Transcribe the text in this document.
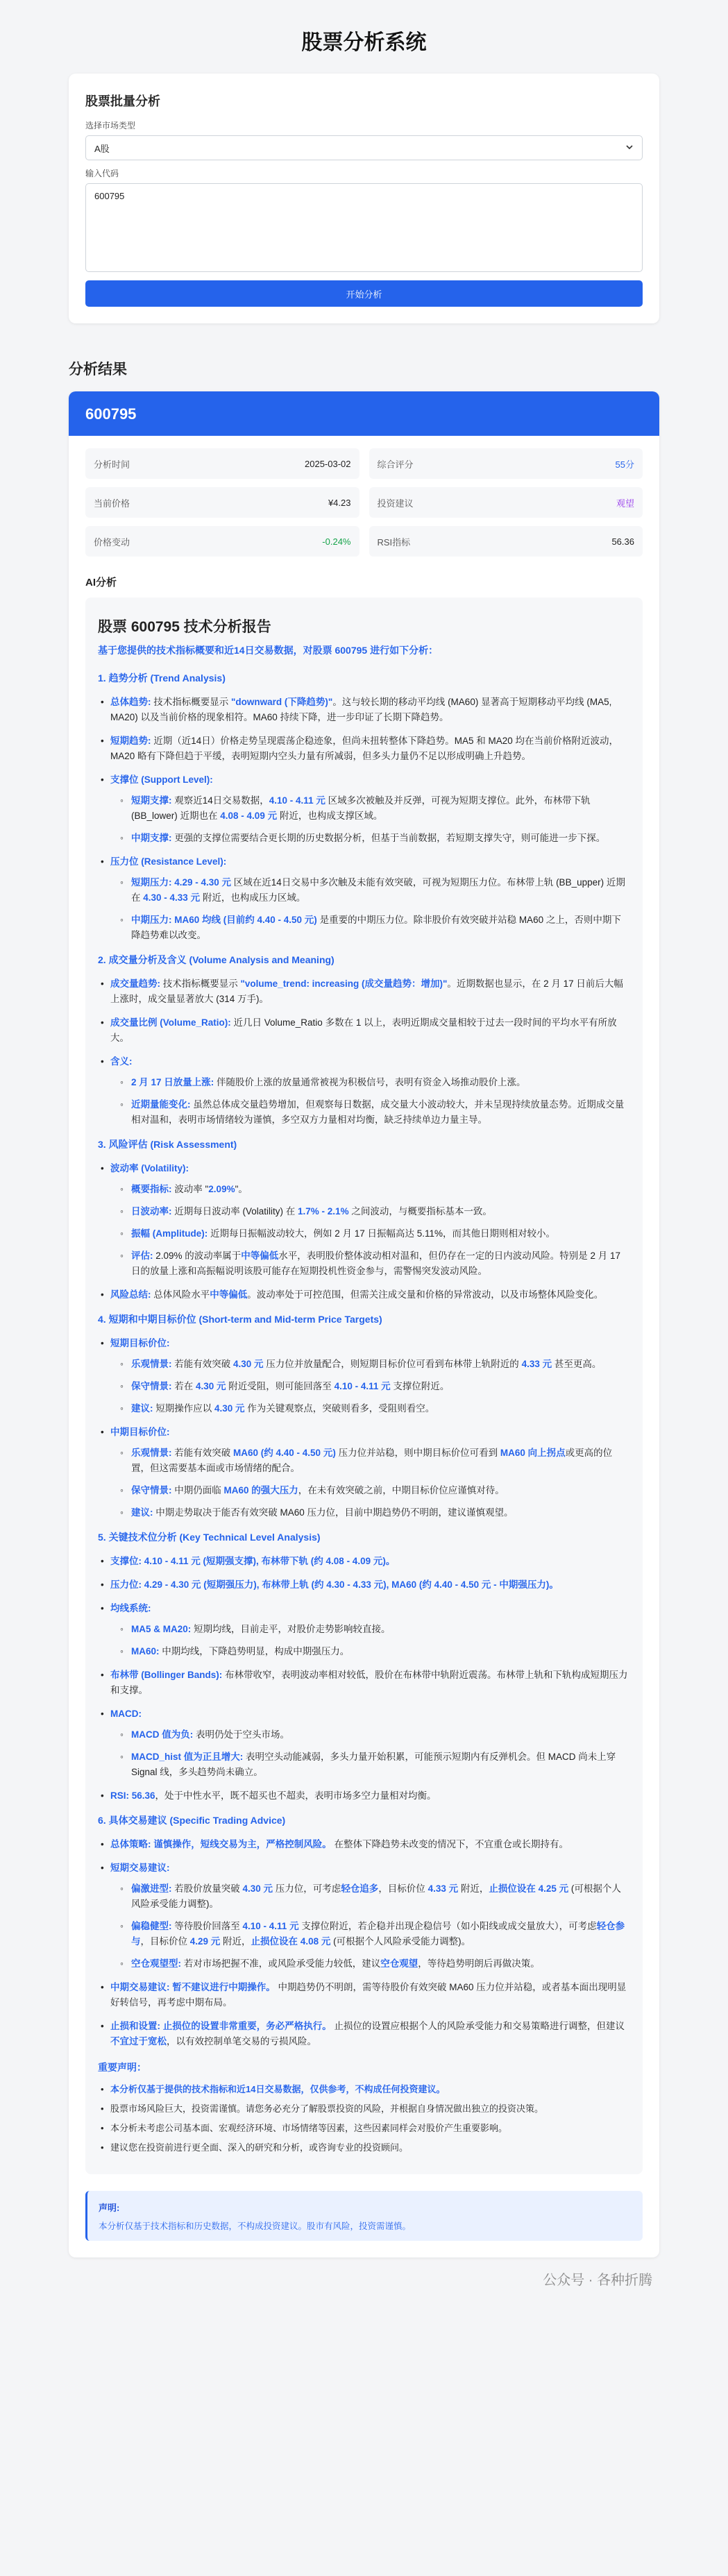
股票分析系统
股票批量分析
选择市场类型
A股
输入代码
600795
开始分析
分析结果
600795
分析时间	2025-03-02	综合评分	55分
当前价格	¥4.23	投资建议	观望
价格变动	-0.24%	RSI指标	56.36
AI分析
股票 600795 技术分析报告
基于您提供的技术指标概要和近14日交易数据，对股票 600795 进行如下分析：
1. 趋势分析 (Trend Analysis)
• 总体趋势: 技术指标概要显示 "downward (下降趋势)"。这与较长期的移动平均线 (MA60) 显著高于短期移动平均线 (MA5, MA20) 以及当前价格的现象相符。MA60 持续下降，进一步印证了长期下降趋势。
• 短期趋势: 近期（近14日）价格走势呈现震荡企稳迹象，但尚未扭转整体下降趋势。MA5 和 MA20 均在当前价格附近波动，MA20 略有下降但趋于平缓，表明短期内空头力量有所减弱，但多头力量仍不足以形成明确上升趋势。
• 支撑位 (Support Level):
◦ 短期支撑: 观察近14日交易数据，4.10 - 4.11 元 区域多次被触及并反弹，可视为短期支撑位。此外，布林带下轨 (BB_lower) 近期也在 4.08 - 4.09 元 附近，也构成支撑区域。
◦ 中期支撑: 更强的支撑位需要结合更长期的历史数据分析，但基于当前数据，若短期支撑失守，则可能进一步下探。
• 压力位 (Resistance Level):
◦ 短期压力: 4.29 - 4.30 元 区域在近14日交易中多次触及未能有效突破，可视为短期压力位。布林带上轨 (BB_upper) 近期在 4.30 - 4.33 元 附近，也构成压力区域。
◦ 中期压力: MA60 均线 (目前约 4.40 - 4.50 元) 是重要的中期压力位。除非股价有效突破并站稳 MA60 之上，否则中期下降趋势难以改变。
2. 成交量分析及含义 (Volume Analysis and Meaning)
• 成交量趋势: 技术指标概要显示 "volume_trend: increasing (成交量趋势：增加)"。近期数据也显示，在 2 月 17 日前后大幅上涨时，成交量显著放大 (314 万手)。
• 成交量比例 (Volume_Ratio): 近几日 Volume_Ratio 多数在 1 以上，表明近期成交量相较于过去一段时间的平均水平有所放大。
• 含义:
◦ 2 月 17 日放量上涨: 伴随股价上涨的放量通常被视为积极信号，表明有资金入场推动股价上涨。
◦ 近期量能变化: 虽然总体成交量趋势增加，但观察每日数据，成交量大小波动较大，并未呈现持续放量态势。近期成交量相对温和，表明市场情绪较为谨慎，多空双方力量相对均衡，缺乏持续单边力量主导。
3. 风险评估 (Risk Assessment)
• 波动率 (Volatility):
◦ 概要指标: 波动率 "2.09%"。
◦ 日波动率: 近期每日波动率 (Volatility) 在 1.7% - 2.1% 之间波动，与概要指标基本一致。
◦ 振幅 (Amplitude): 近期每日振幅波动较大，例如 2 月 17 日振幅高达 5.11%，而其他日期则相对较小。
◦ 评估: 2.09% 的波动率属于中等偏低水平，表明股价整体波动相对温和，但仍存在一定的日内波动风险。特别是 2 月 17 日的放量上涨和高振幅说明该股可能存在短期投机性资金参与，需警惕突发波动风险。
• 风险总结: 总体风险水平中等偏低。波动率处于可控范围，但需关注成交量和价格的异常波动，以及市场整体风险变化。
4. 短期和中期目标价位 (Short-term and Mid-term Price Targets)
• 短期目标价位:
◦ 乐观情景: 若能有效突破 4.30 元 压力位并放量配合，则短期目标价位可看到布林带上轨附近的 4.33 元 甚至更高。
◦ 保守情景: 若在 4.30 元 附近受阻，则可能回落至 4.10 - 4.11 元 支撑位附近。
◦ 建议: 短期操作应以 4.30 元 作为关键观察点，突破则看多，受阻则看空。
• 中期目标价位:
◦ 乐观情景: 若能有效突破 MA60 (约 4.40 - 4.50 元) 压力位并站稳，则中期目标价位可看到 MA60 向上拐点或更高的位置，但这需要基本面或市场情绪的配合。
◦ 保守情景: 中期仍面临 MA60 的强大压力，在未有效突破之前，中期目标价位应谨慎对待。
◦ 建议: 中期走势取决于能否有效突破 MA60 压力位，目前中期趋势仍不明朗，建议谨慎观望。
5. 关键技术位分析 (Key Technical Level Analysis)
• 支撑位: 4.10 - 4.11 元 (短期强支撑), 布林带下轨 (约 4.08 - 4.09 元)。
• 压力位: 4.29 - 4.30 元 (短期强压力), 布林带上轨 (约 4.30 - 4.33 元), MA60 (约 4.40 - 4.50 元 - 中期强压力)。
• 均线系统:
◦ MA5 & MA20: 短期均线，目前走平，对股价走势影响较直接。
◦ MA60: 中期均线，下降趋势明显，构成中期强压力。
• 布林带 (Bollinger Bands): 布林带收窄，表明波动率相对较低，股价在布林带中轨附近震荡。布林带上轨和下轨构成短期压力和支撑。
• MACD:
◦ MACD 值为负: 表明仍处于空头市场。
◦ MACD_hist 值为正且增大: 表明空头动能减弱，多头力量开始积累，可能预示短期内有反弹机会。但 MACD 尚未上穿 Signal 线，多头趋势尚未确立。
• RSI: 56.36，处于中性水平，既不超买也不超卖，表明市场多空力量相对均衡。
6. 具体交易建议 (Specific Trading Advice)
• 总体策略: 谨慎操作，短线交易为主，严格控制风险。 在整体下降趋势未改变的情况下，不宜重仓或长期持有。
• 短期交易建议:
◦ 偏激进型: 若股价放量突破 4.30 元 压力位，可考虑轻仓追多，目标价位 4.33 元 附近，止损位设在 4.25 元 (可根据个人风险承受能力调整)。
◦ 偏稳健型: 等待股价回落至 4.10 - 4.11 元 支撑位附近，若企稳并出现企稳信号（如小阳线或成交量放大），可考虑轻仓参与，目标价位 4.29 元 附近，止损位设在 4.08 元 (可根据个人风险承受能力调整)。
◦ 空仓观望型: 若对市场把握不准，或风险承受能力较低，建议空仓观望，等待趋势明朗后再做决策。
• 中期交易建议: 暂不建议进行中期操作。 中期趋势仍不明朗，需等待股价有效突破 MA60 压力位并站稳，或者基本面出现明显好转信号，再考虑中期布局。
• 止损和设置: 止损位的设置非常重要，务必严格执行。 止损位的设置应根据个人的风险承受能力和交易策略进行调整，但建议不宜过于宽松，以有效控制单笔交易的亏损风险。
重要声明：
• 本分析仅基于提供的技术指标和近14日交易数据，仅供参考，不构成任何投资建议。
• 股票市场风险巨大，投资需谨慎。请您务必充分了解股票投资的风险，并根据自身情况做出独立的投资决策。
• 本分析未考虑公司基本面、宏观经济环境、市场情绪等因素，这些因素同样会对股价产生重要影响。
• 建议您在投资前进行更全面、深入的研究和分析，或咨询专业的投资顾问。
声明:
本分析仅基于技术指标和历史数据，不构成投资建议。股市有风险，投资需谨慎。
公众号 · 各种折腾
